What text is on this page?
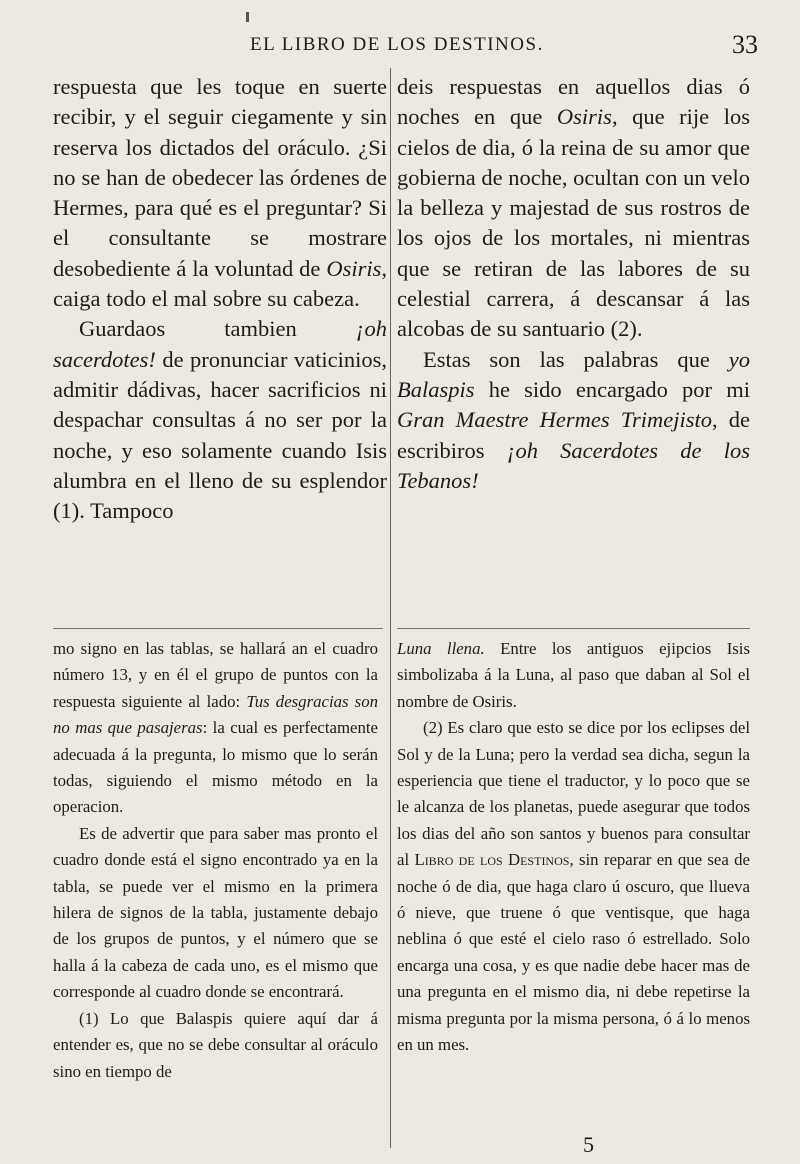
EL LIBRO DE LOS DESTINOS.	33

respuesta que les toque en suerte recibir, y el seguir ciegamente y sin reserva los dictados del oráculo. ¿Si no se han de obedecer las órdenes de Hermes, para qué es el preguntar? Si el consultante se mostrare desobediente á la voluntad de Osiris, caiga todo el mal sobre su cabeza.

Guardaos tambien ¡oh sacerdotes! de pronunciar vaticinios, admitir dádivas, hacer sacrificios ni despachar consultas á no ser por la noche, y eso solamente cuando Isis alumbra en el lleno de su esplendor (1). Tampoco

deis respuestas en aquellos dias ó noches en que Osiris, que rije los cielos de dia, ó la reina de su amor que gobierna de noche, ocultan con un velo la belleza y majestad de sus rostros de los ojos de los mortales, ni mientras que se retiran de las labores de su celestial carrera, á descansar á las alcobas de su santuario (2).

Estas son las palabras que yo Balaspis he sido encargado por mi Gran Maestre Hermes Trimejisto, de escribiros ¡oh Sacerdotes de los Tebanos!

mo signo en las tablas, se hallará an el cuadro número 13, y en él el grupo de puntos con la respuesta siguiente al lado: Tus desgracias son no mas que pasajeras: la cual es perfectamente adecuada á la pregunta, lo mismo que lo serán todas, siguiendo el mismo método en la operacion.

Es de advertir que para saber mas pronto el cuadro donde está el signo encontrado ya en la tabla, se puede ver el mismo en la primera hilera de signos de la tabla, justamente debajo de los grupos de puntos, y el número que se halla á la cabeza de cada uno, es el mismo que corresponde al cuadro donde se encontrará.

(1) Lo que Balaspis quiere aquí dar á entender es, que no se debe consultar al oráculo sino en tiempo de

Luna llena. Entre los antiguos ejipcios Isis simbolizaba á la Luna, al paso que daban al Sol el nombre de Osiris.

(2) Es claro que esto se dice por los eclipses del Sol y de la Luna; pero la verdad sea dicha, segun la esperiencia que tiene el traductor, y lo poco que se le alcanza de los planetas, puede asegurar que todos los dias del año son santos y buenos para consultar al Libro de los Destinos, sin reparar en que sea de noche ó de dia, que haga claro ú oscuro, que llueva ó nieve, que truene ó que ventisque, que haga neblina ó que esté el cielo raso ó estrellado. Solo encarga una cosa, y es que nadie debe hacer mas de una pregunta en el mismo dia, ni debe repetirse la misma pregunta por la misma persona, ó á lo menos en un mes.

5
